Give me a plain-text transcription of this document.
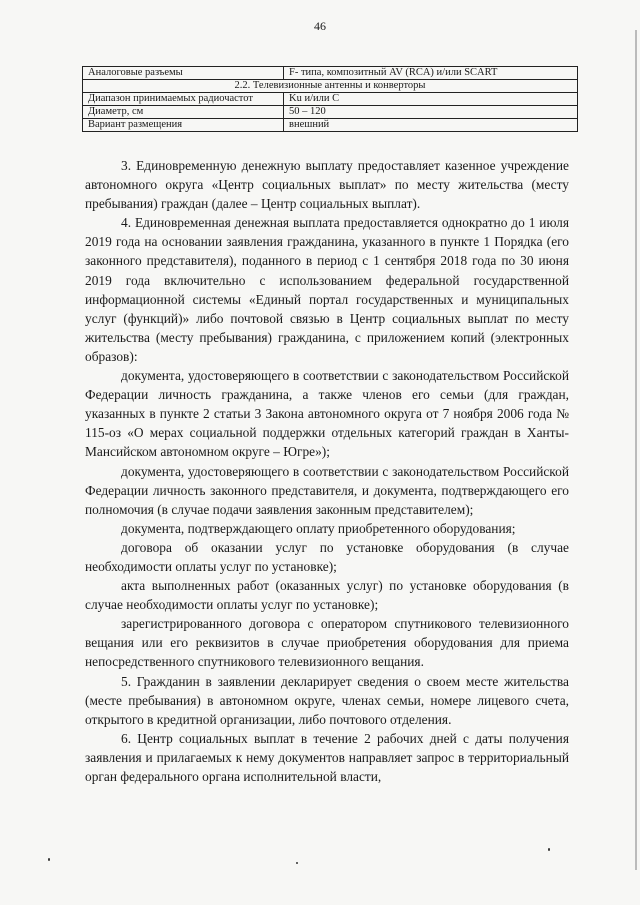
46
Аналоговые разъемы	F- типа, композитный AV (RCA) и/или SCART
2.2. Телевизионные антенны и конверторы	
Диапазон принимаемых радиочастот	Ku и/или С
Диаметр, см	50 – 120
Вариант размещения	внешний

3. Единовременную денежную выплату предоставляет казенное учреждение автономного округа «Центр социальных выплат» по месту жительства (месту пребывания) граждан (далее – Центр социальных выплат).

4. Единовременная денежная выплата предоставляется однократно до 1 июля 2019 года на основании заявления гражданина, указанного в пункте 1 Порядка (его законного представителя), поданного в период с 1 сентября 2018 года по 30 июня 2019 года включительно с использованием федеральной государственной информационной системы «Единый портал государственных и муниципальных услуг (функций)» либо почтовой связью в Центр социальных выплат по месту жительства (месту пребывания) гражданина, с приложением копий (электронных образов):

документа, удостоверяющего в соответствии с законодательством Российской Федерации личность гражданина, а также членов его семьи (для граждан, указанных в пункте 2 статьи 3 Закона автономного округа от 7 ноября 2006 года № 115-оз «О мерах социальной поддержки отдельных категорий граждан в Ханты-Мансийском автономном округе – Югре»);

документа, удостоверяющего в соответствии с законодательством Российской Федерации личность законного представителя, и документа, подтверждающего его полномочия (в случае подачи заявления законным представителем);

документа, подтверждающего оплату приобретенного оборудования;

договора об оказании услуг по установке оборудования (в случае необходимости оплаты услуг по установке);

акта выполненных работ (оказанных услуг) по установке оборудования (в случае необходимости оплаты услуг по установке);

зарегистрированного договора с оператором спутникового телевизионного вещания или его реквизитов в случае приобретения оборудования для приема непосредственного спутникового телевизионного вещания.

5. Гражданин в заявлении декларирует сведения о своем месте жительства (месте пребывания) в автономном округе, членах семьи, номере лицевого счета, открытого в кредитной организации, либо почтового отделения.

6. Центр социальных выплат в течение 2 рабочих дней с даты получения заявления и прилагаемых к нему документов направляет запрос в территориальный орган федерального органа исполнительной власти,
